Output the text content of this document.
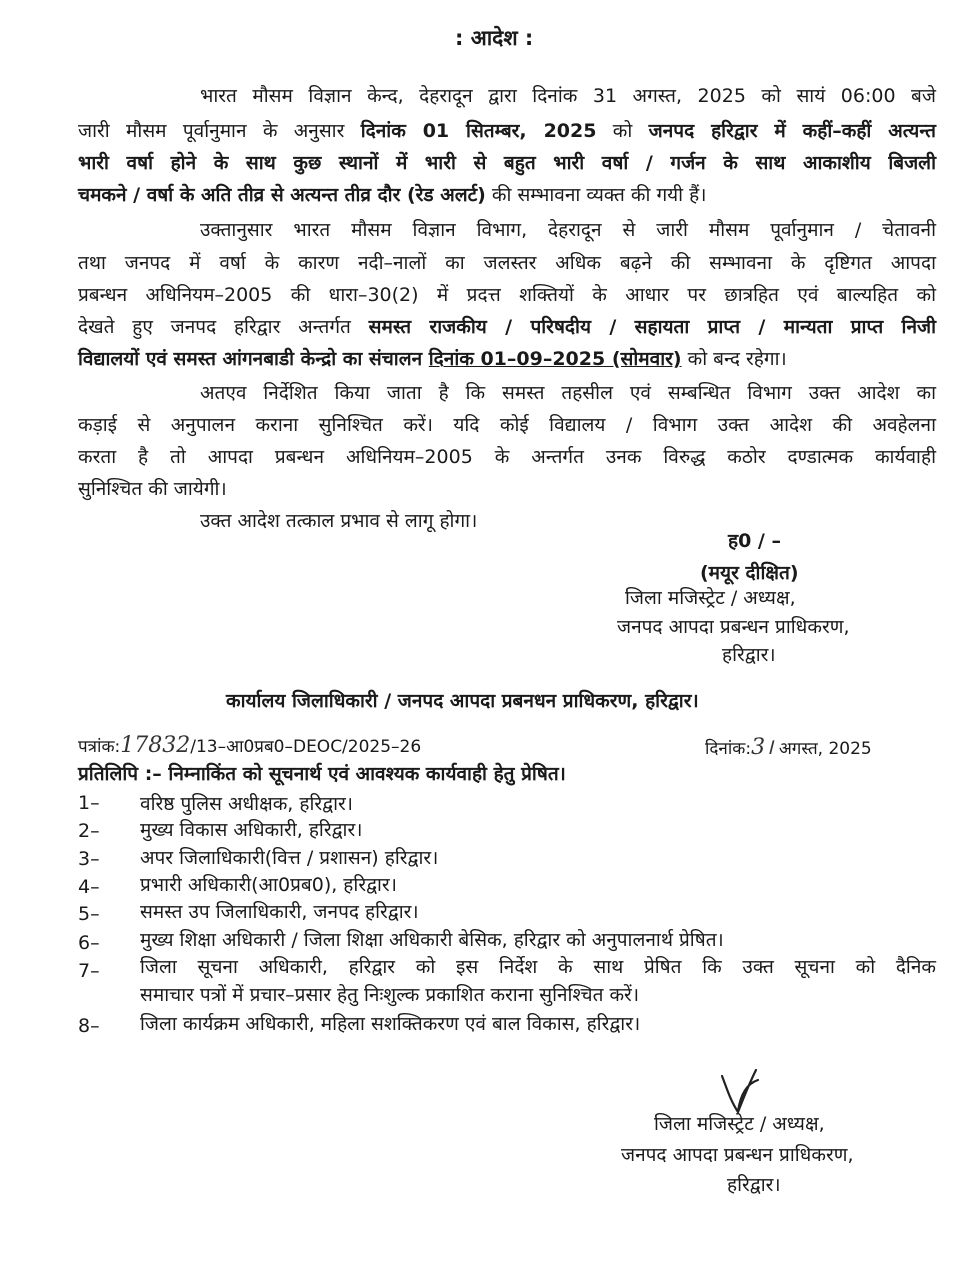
: आदेश :
भारत मौसम विज्ञान केन्द, देहरादून द्वारा दिनांक 31 अगस्त, 2025 को सायं 06:00 बजे
जारी मौसम पूर्वानुमान के अनुसार दिनांक 01 सितम्बर, 2025 को जनपद हरिद्वार में कहीं–कहीं अत्यन्त
भारी वर्षा होने के साथ कुछ स्थानों में भारी से बहुत भारी वर्षा / गर्जन के साथ आकाशीय बिजली
चमकने / वर्षा के अति तीव्र से अत्यन्त तीव्र दौर (रेड अलर्ट) की सम्भावना व्यक्त की गयी हैं।
उक्तानुसार भारत मौसम विज्ञान विभाग, देहरादून से जारी मौसम पूर्वानुमान / चेतावनी
तथा जनपद में वर्षा के कारण नदी–नालों का जलस्तर अधिक बढ़ने की सम्भावना के दृष्टिगत आपदा
प्रबन्धन अधिनियम–2005 की धारा–30(2) में प्रदत्त शक्तियों के आधार पर छात्रहित एवं बाल्यहित को
देखते हुए जनपद हरिद्वार अन्तर्गत समस्त राजकीय / परिषदीय / सहायता प्राप्त / मान्यता प्राप्त निजी
विद्यालयों एवं समस्त आंगनबाडी केन्द्रो का संचालन दिनांक 01–09–2025 (सोमवार) को बन्द रहेगा।
अतएव निर्देशित किया जाता है कि समस्त तहसील एवं सम्बन्धित विभाग उक्त आदेश का
कड़ाई से अनुपालन कराना सुनिश्चित करें। यदि कोई विद्यालय / विभाग उक्त आदेश की अवहेलना
करता है तो आपदा प्रबन्धन अधिनियम–2005 के अन्तर्गत उनक विरुद्ध कठोर दण्डात्मक कार्यवाही
सुनिश्चित की जायेगी।
उक्त आदेश तत्काल प्रभाव से लागू होगा।
ह0 / –
(मयूर दीक्षित)
जिला मजिस्ट्रेट / अध्यक्ष,
जनपद आपदा प्रबन्धन प्राधिकरण,
हरिद्वार।
कार्यालय जिलाधिकारी / जनपद आपदा प्रबनधन प्राधिकरण, हरिद्वार।
पत्रांक:17832/13–आ0प्रब0–DEOC/2025–26	दिनांक:3। अगस्त, 2025
प्रतिलिपि :– निम्नाकिंत को सूचनार्थ एवं आवश्यक कार्यवाही हेतु प्रेषित।
1– वरिष्ठ पुलिस अधीक्षक, हरिद्वार।
2– मुख्य विकास अधिकारी, हरिद्वार।
3– अपर जिलाधिकारी(वित्त / प्रशासन) हरिद्वार।
4– प्रभारी अधिकारी(आ0प्रब0), हरिद्वार।
5– समस्त उप जिलाधिकारी, जनपद हरिद्वार।
6– मुख्य शिक्षा अधिकारी / जिला शिक्षा अधिकारी बेसिक, हरिद्वार को अनुपालनार्थ प्रेषित।
7– जिला सूचना अधिकारी, हरिद्वार को इस निर्देश के साथ प्रेषित कि उक्त सूचना को दैनिक
समाचार पत्रों में प्रचार–प्रसार हेतु निःशुल्क प्रकाशित कराना सुनिश्चित करें।
8– जिला कार्यक्रम अधिकारी, महिला सशक्तिकरण एवं बाल विकास, हरिद्वार।
जिला मजिस्ट्रेट / अध्यक्ष,
जनपद आपदा प्रबन्धन प्राधिकरण,
हरिद्वार।
